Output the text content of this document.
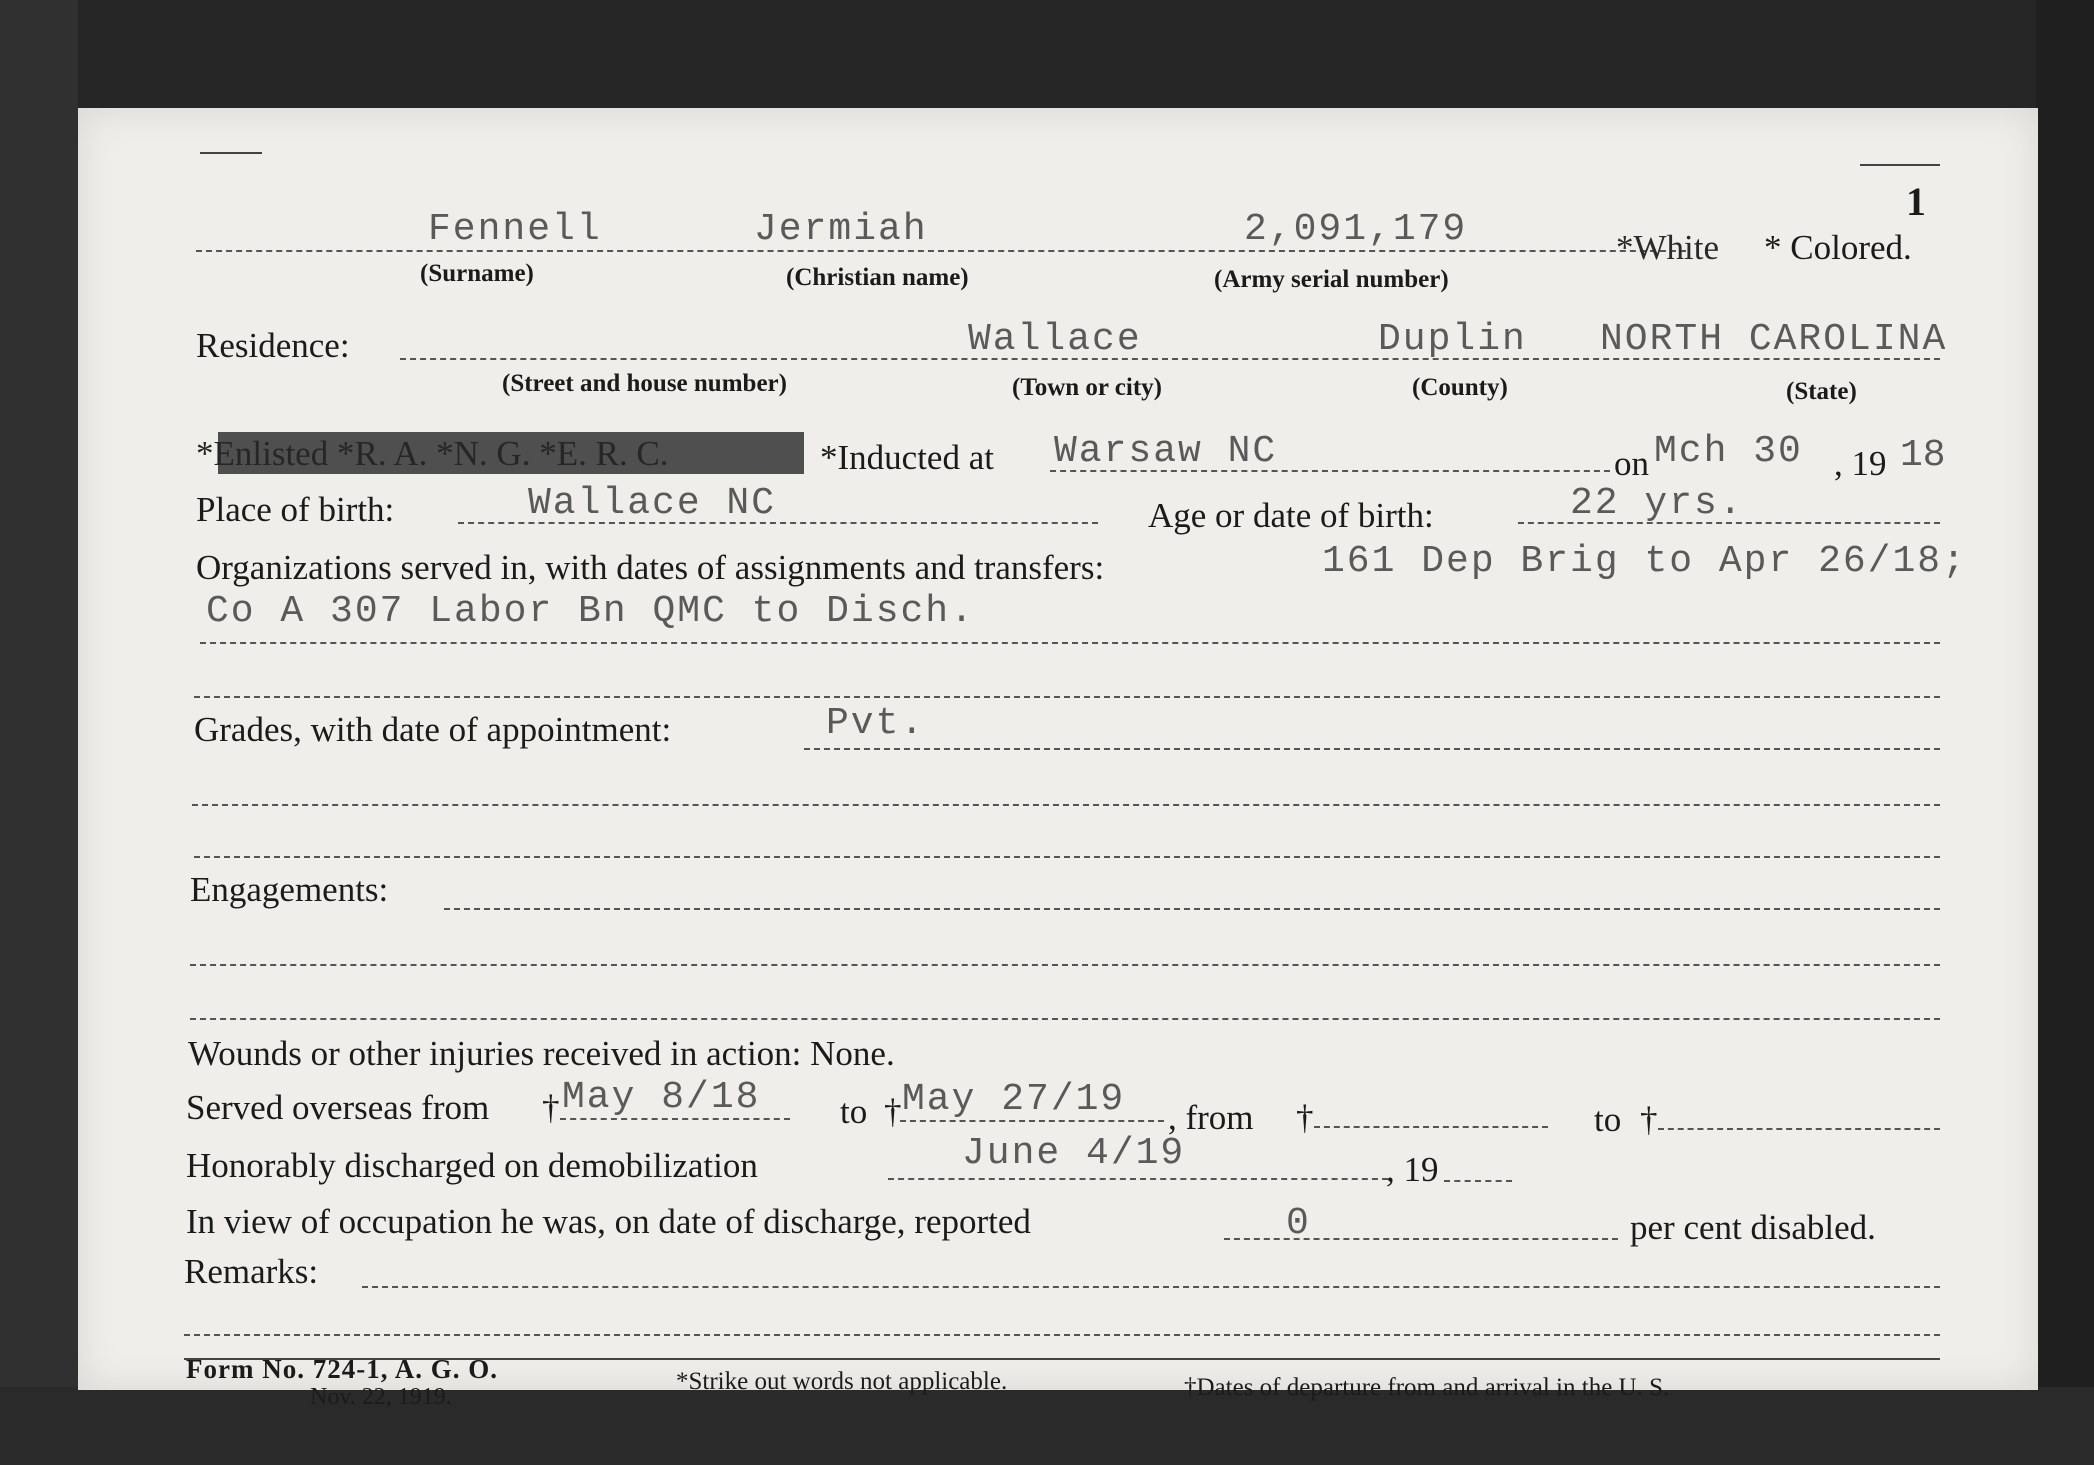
1
Fennell	Jermiah	2,091,179	*White * Colored.
(Surname)	(Christian name)	(Army serial number)
Residence:	Wallace	Duplin NORTH CAROLINA
(Street and house number)	(Town or city)	(County)	(State)
*Enlisted *R. A. *N. G. *E. R. C.	*Inducted at Warsaw NC	on Mch 30 , 19 18
Place of birth:	Wallace NC	Age or date of birth:	22 yrs.
Organizations served in, with dates of assignments and transfers:	161 Dep Brig to Apr 26/18;
Co A 307 Labor Bn QMC to Disch.
Grades, with date of appointment:	Pvt.
Engagements:
Wounds or other injuries received in action: None.
Served overseas from † May 8/18 to † May 27/19 , from †	to †
Honorably discharged on demobilization	June 4/19	, 19
In view of occupation he was, on date of discharge, reported	0	per cent disabled.
Remarks:
Form No. 724-1, A. G. O.
Nov. 22, 1919.
*Strike out words not applicable.	†Dates of departure from and arrival in the U. S.
